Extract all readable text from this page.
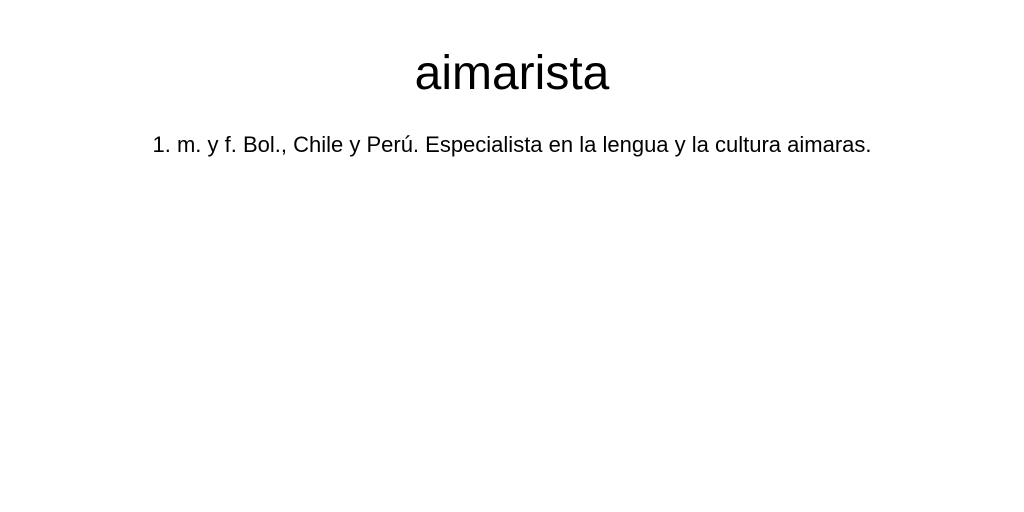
aimarista

1. m. y f. Bol., Chile y Perú. Especialista en la lengua y la cultura aimaras.
